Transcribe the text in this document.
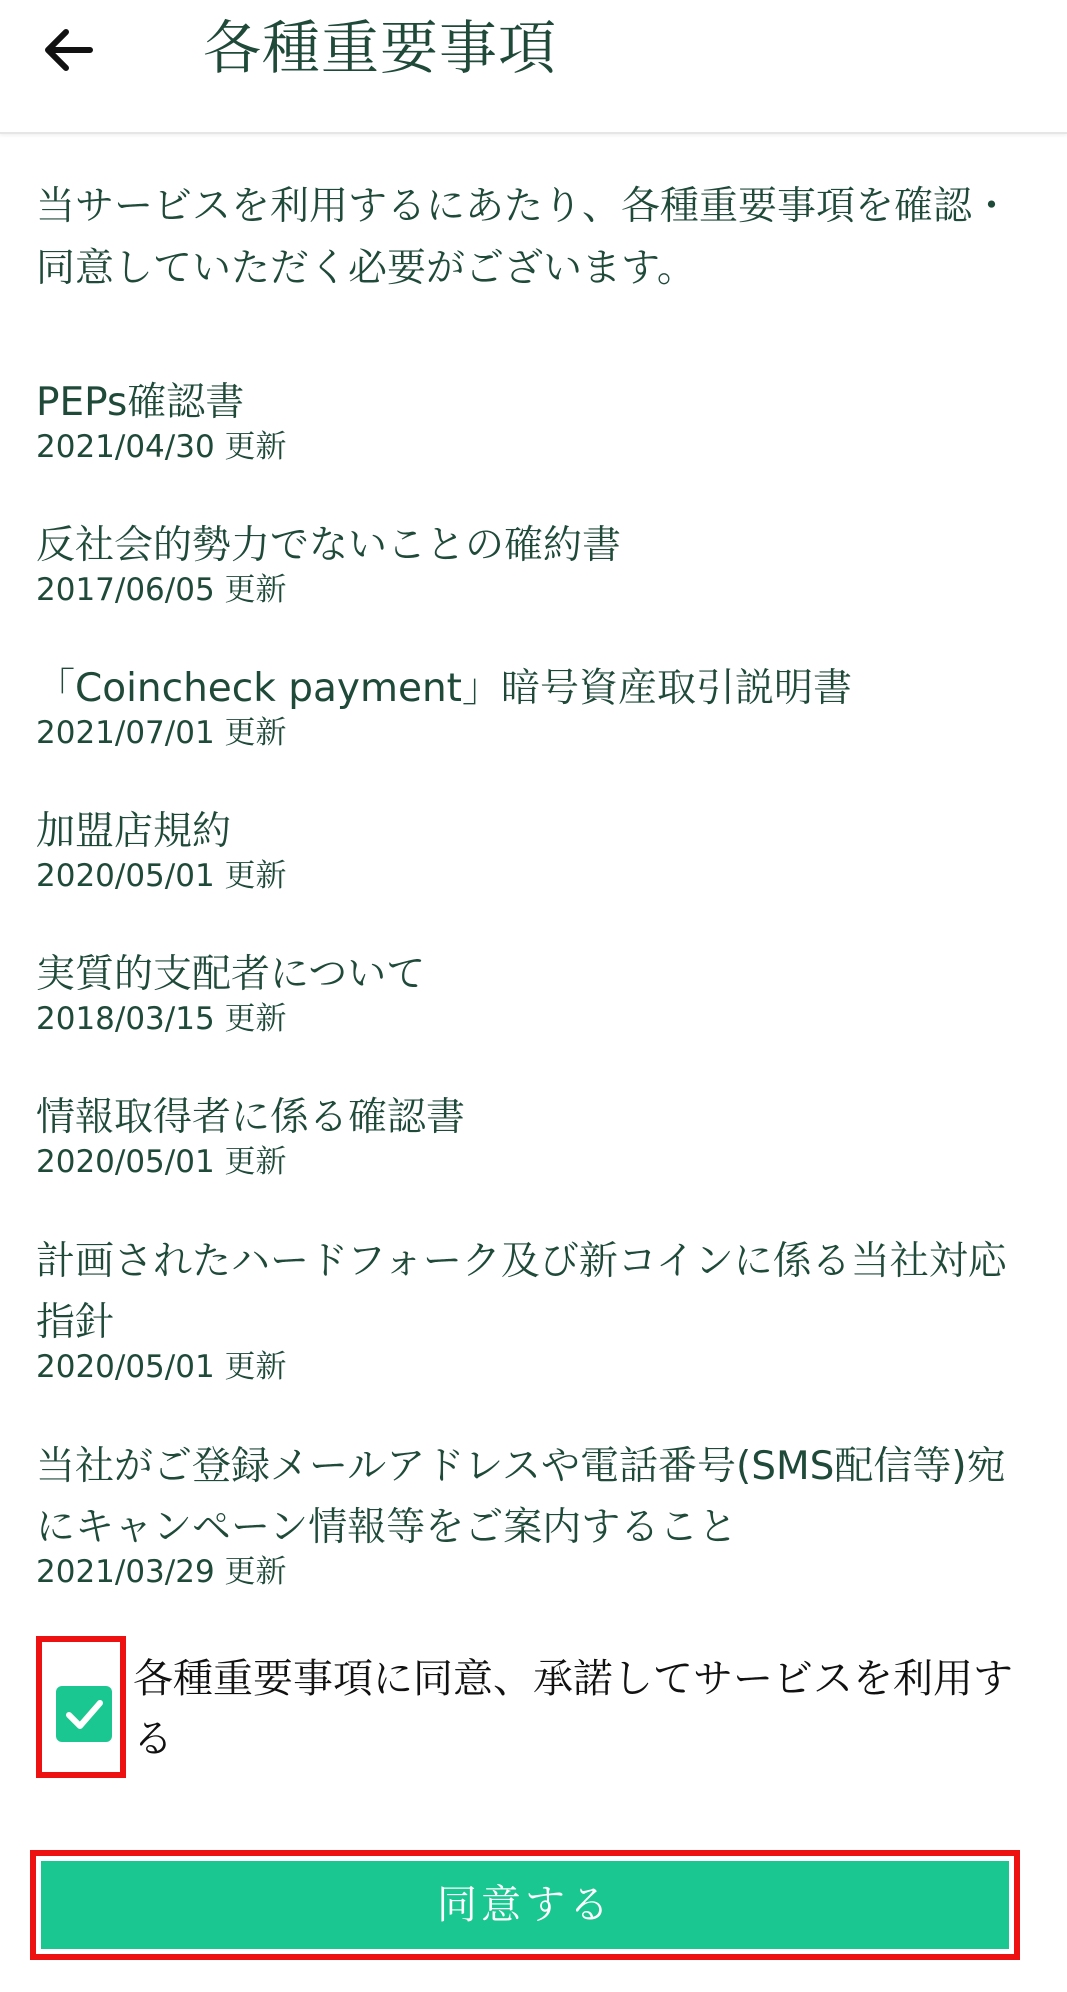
各種重要事項
当サービスを利用するにあたり、各種重要事項を確認・同意していただく必要がございます。
PEPs確認書
2021/04/30 更新
反社会的勢力でないことの確約書
2017/06/05 更新
「Coincheck payment」暗号資産取引説明書
2021/07/01 更新
加盟店規約
2020/05/01 更新
実質的支配者について
2018/03/15 更新
情報取得者に係る確認書
2020/05/01 更新
計画されたハードフォーク及び新コインに係る当社対応指針
2020/05/01 更新
当社がご登録メールアドレスや電話番号(SMS配信等)宛にキャンペーン情報等をご案内すること
2021/03/29 更新
各種重要事項に同意、承諾してサービスを利用する
同意する
